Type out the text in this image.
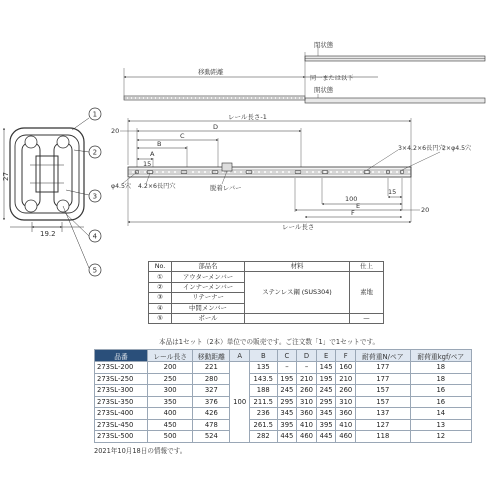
27
19.2
1
2
3
4
5
閉状態
移動距離
同一または以下
開状態
レール長さ-1
20	D
C
B
A
15
φ4.5穴 4.2×6長円穴	脱着レバー
3×4.2×6長円穴
2×φ4.5穴
15
100
E	20
F
レール長さ
No.	部品名	材料	仕上
①	アウターメンバー	ステンレス鋼 (SUS304)	素地
②	インナーメンバー		
③	リテーナー		
④	中間メンバー		
⑤	ボール		—
本品は1セット（2本）単位での販売です。ご注文数「1」で1セットです。
品番	レール長さ	移動距離	A	B	C	D	E	F	耐荷重N/ペア	耐荷重kgf/ペア
273SL-200	200	221	100	135	–	–	145	160	177	18
273SL-250	250	280		143.5	195	210	195	210	177	18
273SL-300	300	327		188	245	260	245	260	157	16
273SL-350	350	376		211.5	295	310	295	310	157	16
273SL-400	400	426		236	345	360	345	360	137	14
273SL-450	450	478		261.5	395	410	395	410	127	13
273SL-500	500	524		282	445	460	445	460	118	12
2021年10月18日の情報です。
